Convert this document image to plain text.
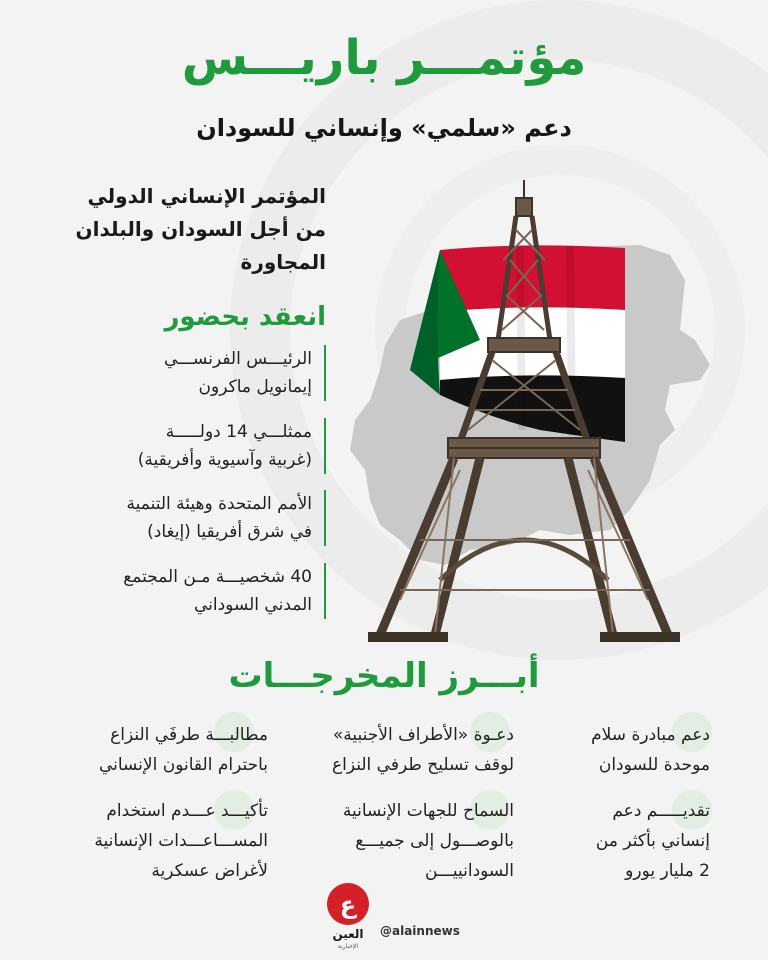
مؤتمـــر باريـــس
دعم «سلمي» وإنساني للسودان
المؤتمر الإنساني الدولي
من أجل السودان والبلدان
المجاورة
انعقد بحضور
الرئيـــس الفرنســـي
إيمانويل ماكرون
ممثلـــي 14 دولـــــة
(غربية وآسيوية وأفريقية)
الأمم المتحدة وهيئة التنمية
في شرق أفريقيا (إيغاد)
40 شخصيـــة مـن المجتمع
المدني السوداني
أبـــرز المخرجـــات
دعم مبادرة سلام
موحدة للسودان
دعـوة «الأطراف الأجنبية»
لوقف تسليح طرفي النزاع
مطالبـــة طرفَي النزاع
باحترام القانون الإنساني
تقديـــــم دعم
إنساني بأكثر من
2 مليار يورو
السماح للجهات الإنسانية
بالوصـــول إلى جميـــع
السودانييـــن
تأكيـــد عـــدم استخدام
المســـاعـــدات الإنسانية
لأغراض عسكرية
ع
العين
الإخبارية
@alainnews
